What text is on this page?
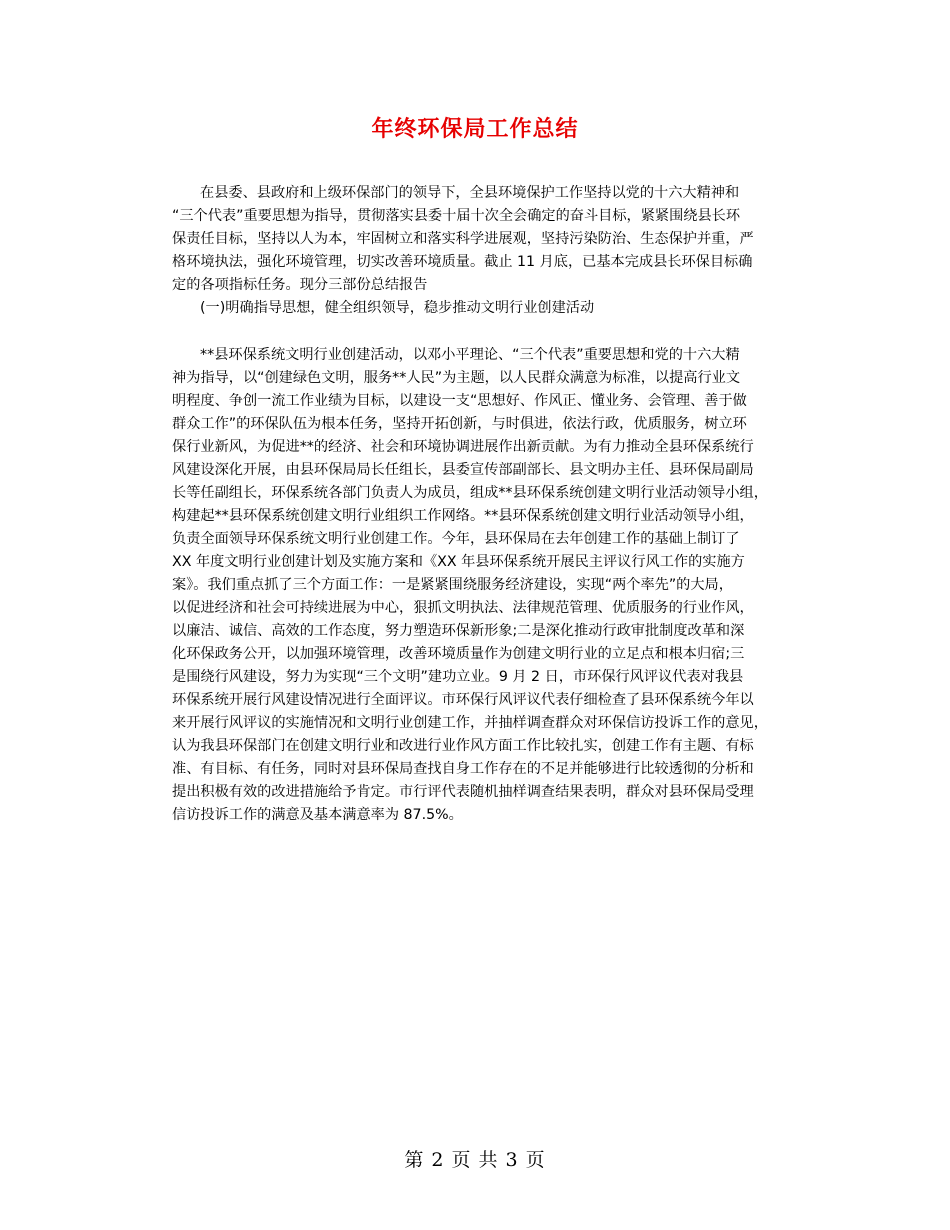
年终环保局工作总结
在县委、县政府和上级环保部门的领导下，全县环境保护工作坚持以党的十六大精神和
“三个代表”重要思想为指导，贯彻落实县委十届十次全会确定的奋斗目标，紧紧围绕县长环
保责任目标，坚持以人为本，牢固树立和落实科学进展观，坚持污染防治、生态保护并重，严
格环境执法，强化环境管理，切实改善环境质量。截止 11 月底，已基本完成县长环保目标确
定的各项指标任务。现分三部份总结报告
(一)明确指导思想，健全组织领导，稳步推动文明行业创建活动
**县环保系统文明行业创建活动，以邓小平理论、“三个代表”重要思想和党的十六大精
神为指导，以“创建绿色文明，服务**人民”为主题，以人民群众满意为标准，以提高行业文
明程度、争创一流工作业绩为目标，以建设一支“思想好、作风正、懂业务、会管理、善于做
群众工作”的环保队伍为根本任务，坚持开拓创新，与时俱进，依法行政，优质服务，树立环
保行业新风，为促进**的经济、社会和环境协调进展作出新贡献。为有力推动全县环保系统行
风建设深化开展，由县环保局局长任组长，县委宣传部副部长、县文明办主任、县环保局副局
长等任副组长，环保系统各部门负责人为成员，组成**县环保系统创建文明行业活动领导小组，
构建起**县环保系统创建文明行业组织工作网络。**县环保系统创建文明行业活动领导小组，
负责全面领导环保系统文明行业创建工作。今年，县环保局在去年创建工作的基础上制订了
XX 年度文明行业创建计划及实施方案和《XX 年县环保系统开展民主评议行风工作的实施方
案》。我们重点抓了三个方面工作：一是紧紧围绕服务经济建设，实现“两个率先”的大局，
以促进经济和社会可持续进展为中心，狠抓文明执法、法律规范管理、优质服务的行业作风，
以廉洁、诚信、高效的工作态度，努力塑造环保新形象;二是深化推动行政审批制度改革和深
化环保政务公开，以加强环境管理，改善环境质量作为创建文明行业的立足点和根本归宿;三
是围绕行风建设，努力为实现“三个文明”建功立业。9 月 2 日，市环保行风评议代表对我县
环保系统开展行风建设情况进行全面评议。市环保行风评议代表仔细检查了县环保系统今年以
来开展行风评议的实施情况和文明行业创建工作，并抽样调查群众对环保信访投诉工作的意见，
认为我县环保部门在创建文明行业和改进行业作风方面工作比较扎实，创建工作有主题、有标
准、有目标、有任务，同时对县环保局查找自身工作存在的不足并能够进行比较透彻的分析和
提出积极有效的改进措施给予肯定。市行评代表随机抽样调查结果表明，群众对县环保局受理
信访投诉工作的满意及基本满意率为 87.5%。
第 2 页 共 3 页
